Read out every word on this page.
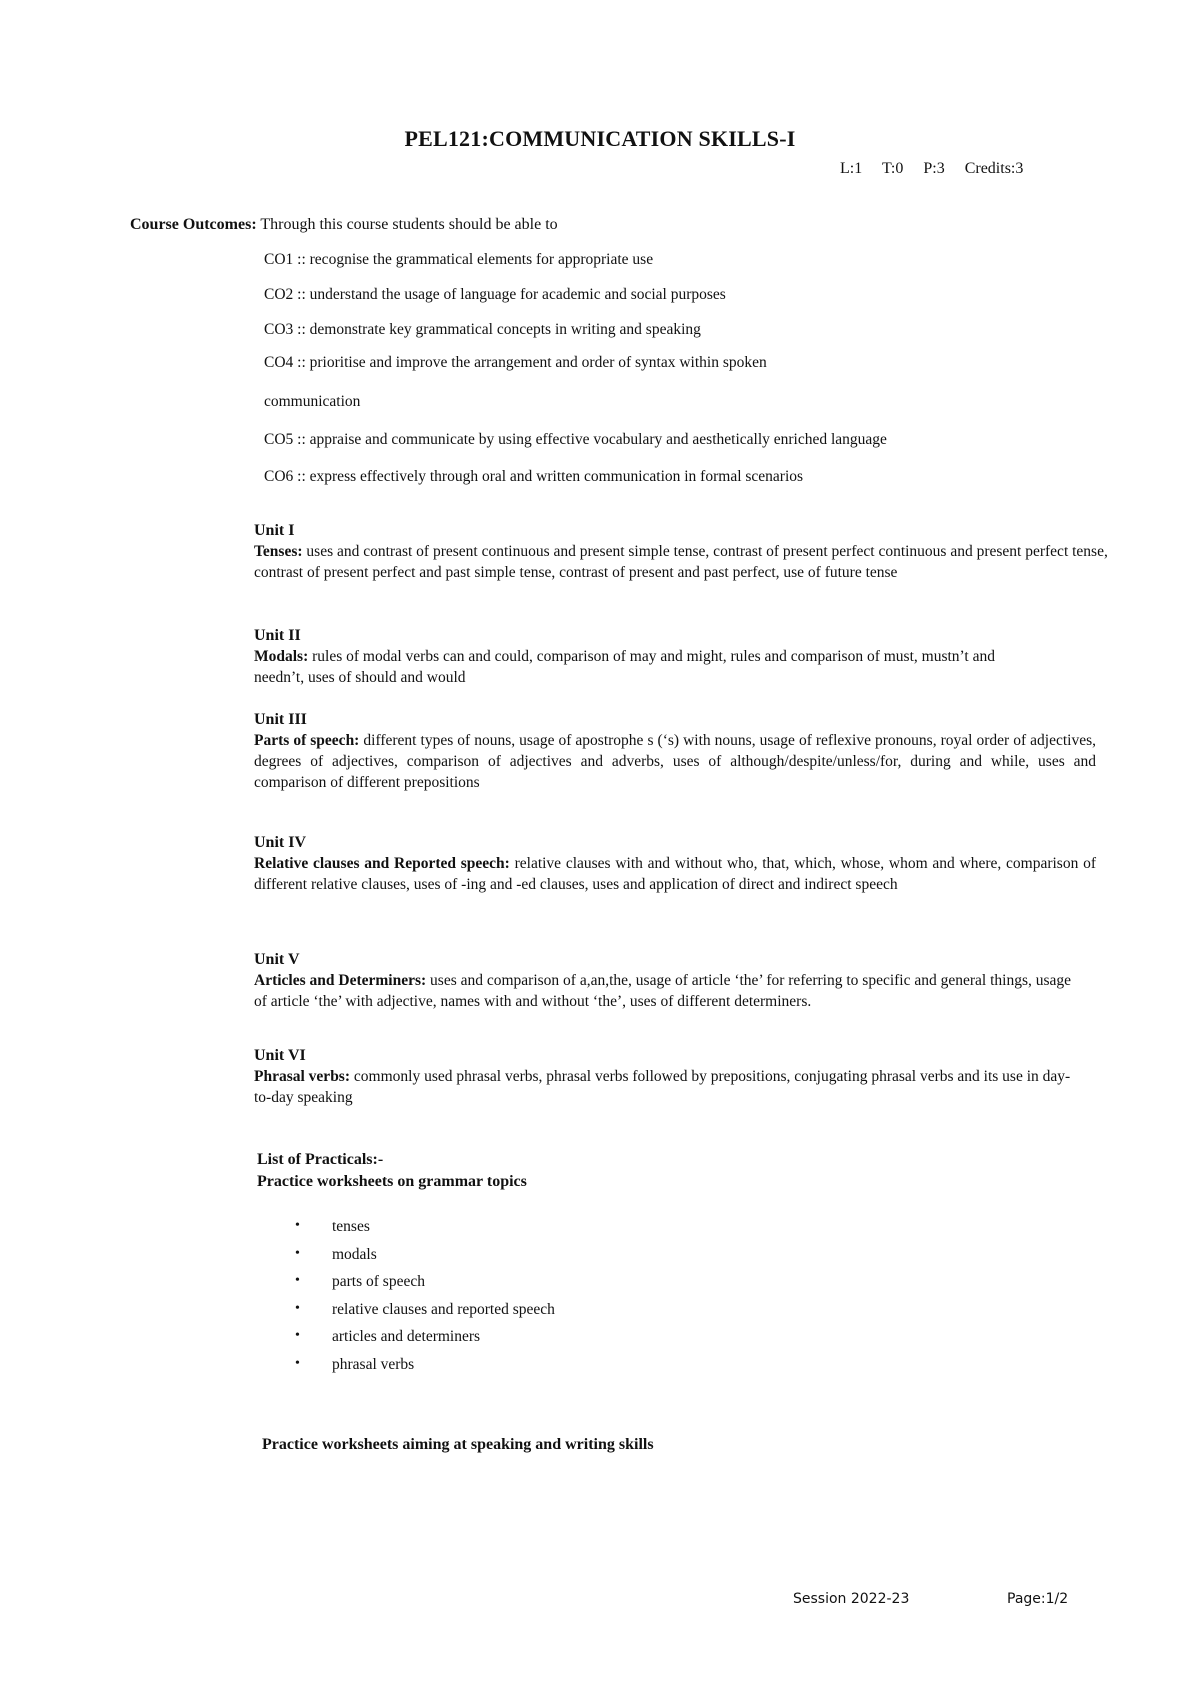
PEL121:COMMUNICATION SKILLS-I
L:1 T:0 P:3 Credits:3
Course Outcomes: Through this course students should be able to
CO1 :: recognise the grammatical elements for appropriate use
CO2 :: understand the usage of language for academic and social purposes
CO3 :: demonstrate key grammatical concepts in writing and speaking
CO4 :: prioritise and improve the arrangement and order of syntax within spoken
communication
CO5 :: appraise and communicate by using effective vocabulary and aesthetically enriched language
CO6 :: express effectively through oral and written communication in formal scenarios
Unit I
Tenses: uses and contrast of present continuous and present simple tense, contrast of present perfect continuous and present perfect tense, contrast of present perfect and past simple tense, contrast of present and past perfect, use of future tense
Unit II
Modals: rules of modal verbs can and could, comparison of may and might, rules and comparison of must, mustn’t and needn’t, uses of should and would
Unit III
Parts of speech: different types of nouns, usage of apostrophe s (‘s) with nouns, usage of reflexive pronouns, royal order of adjectives, degrees of adjectives, comparison of adjectives and adverbs, uses of although/despite/unless/for, during and while, uses and comparison of different prepositions
Unit IV
Relative clauses and Reported speech: relative clauses with and without who, that, which, whose, whom and where, comparison of different relative clauses, uses of -ing and -ed clauses, uses and application of direct and indirect speech
Unit V
Articles and Determiners: uses and comparison of a,an,the, usage of article ‘the’ for referring to specific and general things, usage of article ‘the’ with adjective, names with and without ‘the’, uses of different determiners.
Unit VI
Phrasal verbs: commonly used phrasal verbs, phrasal verbs followed by prepositions, conjugating phrasal verbs and its use in day-to-day speaking
List of Practicals:-
Practice worksheets on grammar topics
• tenses
• modals
• parts of speech
• relative clauses and reported speech
• articles and determiners
• phrasal verbs
Practice worksheets aiming at speaking and writing skills
Session 2022-23	Page:1/2
